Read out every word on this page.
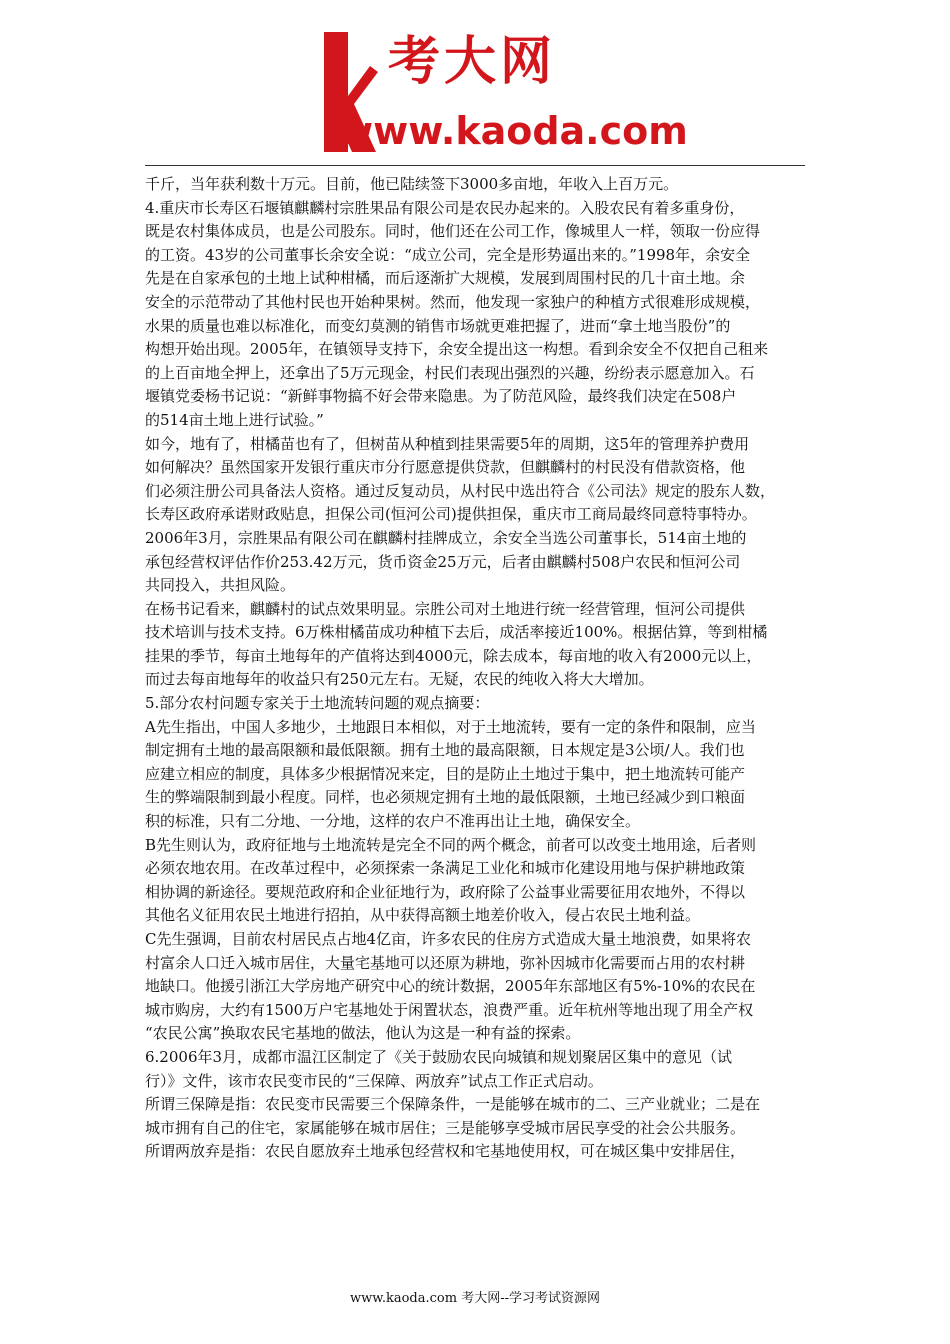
考大网
www.kaoda.com

千斤，当年获利数十万元。目前，他已陆续签下3000多亩地，年收入上百万元。

4.重庆市长寿区石堰镇麒麟村宗胜果品有限公司是农民办起来的。入股农民有着多重身份，

既是农村集体成员，也是公司股东。同时，他们还在公司工作，像城里人一样，领取一份应得

的工资。43岁的公司董事长余安全说：“成立公司，完全是形势逼出来的。”1998年，余安全

先是在自家承包的土地上试种柑橘，而后逐渐扩大规模，发展到周围村民的几十亩土地。余

安全的示范带动了其他村民也开始种果树。然而，他发现一家独户的种植方式很难形成规模，

水果的质量也难以标准化，而变幻莫测的销售市场就更难把握了，进而“拿土地当股份”的

构想开始出现。2005年，在镇领导支持下，余安全提出这一构想。看到余安全不仅把自己租来

的上百亩地全押上，还拿出了5万元现金，村民们表现出强烈的兴趣，纷纷表示愿意加入。石

堰镇党委杨书记说：“新鲜事物搞不好会带来隐患。为了防范风险，最终我们决定在508户

的514亩土地上进行试验。”

如今，地有了，柑橘苗也有了，但树苗从种植到挂果需要5年的周期，这5年的管理养护费用

如何解决？虽然国家开发银行重庆市分行愿意提供贷款，但麒麟村的村民没有借款资格，他

们必须注册公司具备法人资格。通过反复动员，从村民中选出符合《公司法》规定的股东人数，

长寿区政府承诺财政贴息，担保公司(恒河公司)提供担保，重庆市工商局最终同意特事特办。

2006年3月，宗胜果品有限公司在麒麟村挂牌成立，余安全当选公司董事长，514亩土地的

承包经营权评估作价253.42万元，货币资金25万元，后者由麒麟村508户农民和恒河公司

共同投入，共担风险。

在杨书记看来，麒麟村的试点效果明显。宗胜公司对土地进行统一经营管理，恒河公司提供

技术培训与技术支持。6万株柑橘苗成功种植下去后，成活率接近100%。根据估算，等到柑橘

挂果的季节，每亩土地每年的产值将达到4000元，除去成本，每亩地的收入有2000元以上，

而过去每亩地每年的收益只有250元左右。无疑，农民的纯收入将大大增加。

5.部分农村问题专家关于土地流转问题的观点摘要：

A先生指出，中国人多地少，土地跟日本相似，对于土地流转，要有一定的条件和限制，应当

制定拥有土地的最高限额和最低限额。拥有土地的最高限额，日本规定是3公顷/人。我们也

应建立相应的制度，具体多少根据情况来定，目的是防止土地过于集中，把土地流转可能产

生的弊端限制到最小程度。同样，也必须规定拥有土地的最低限额，土地已经减少到口粮面

积的标准，只有二分地、一分地，这样的农户不准再出让土地，确保安全。

B先生则认为，政府征地与土地流转是完全不同的两个概念，前者可以改变土地用途，后者则

必须农地农用。在改革过程中，必须探索一条满足工业化和城市化建设用地与保护耕地政策

相协调的新途径。要规范政府和企业征地行为，政府除了公益事业需要征用农地外，不得以

其他名义征用农民土地进行招拍，从中获得高额土地差价收入，侵占农民土地利益。

C先生强调，目前农村居民点占地4亿亩，许多农民的住房方式造成大量土地浪费，如果将农

村富余人口迁入城市居住，大量宅基地可以还原为耕地，弥补因城市化需要而占用的农村耕

地缺口。他援引浙江大学房地产研究中心的统计数据，2005年东部地区有5%-10%的农民在

城市购房，大约有1500万户宅基地处于闲置状态，浪费严重。近年杭州等地出现了用全产权

“农民公寓”换取农民宅基地的做法，他认为这是一种有益的探索。

6.2006年3月，成都市温江区制定了《关于鼓励农民向城镇和规划聚居区集中的意见（试

行）》文件，该市农民变市民的“三保障、两放弃”试点工作正式启动。

所谓三保障是指：农民变市民需要三个保障条件，一是能够在城市的二、三产业就业；二是在

城市拥有自己的住宅，家属能够在城市居住；三是能够享受城市居民享受的社会公共服务。

所谓两放弃是指：农民自愿放弃土地承包经营权和宅基地使用权，可在城区集中安排居住，

www.kaoda.com 考大网--学习考试资源网
